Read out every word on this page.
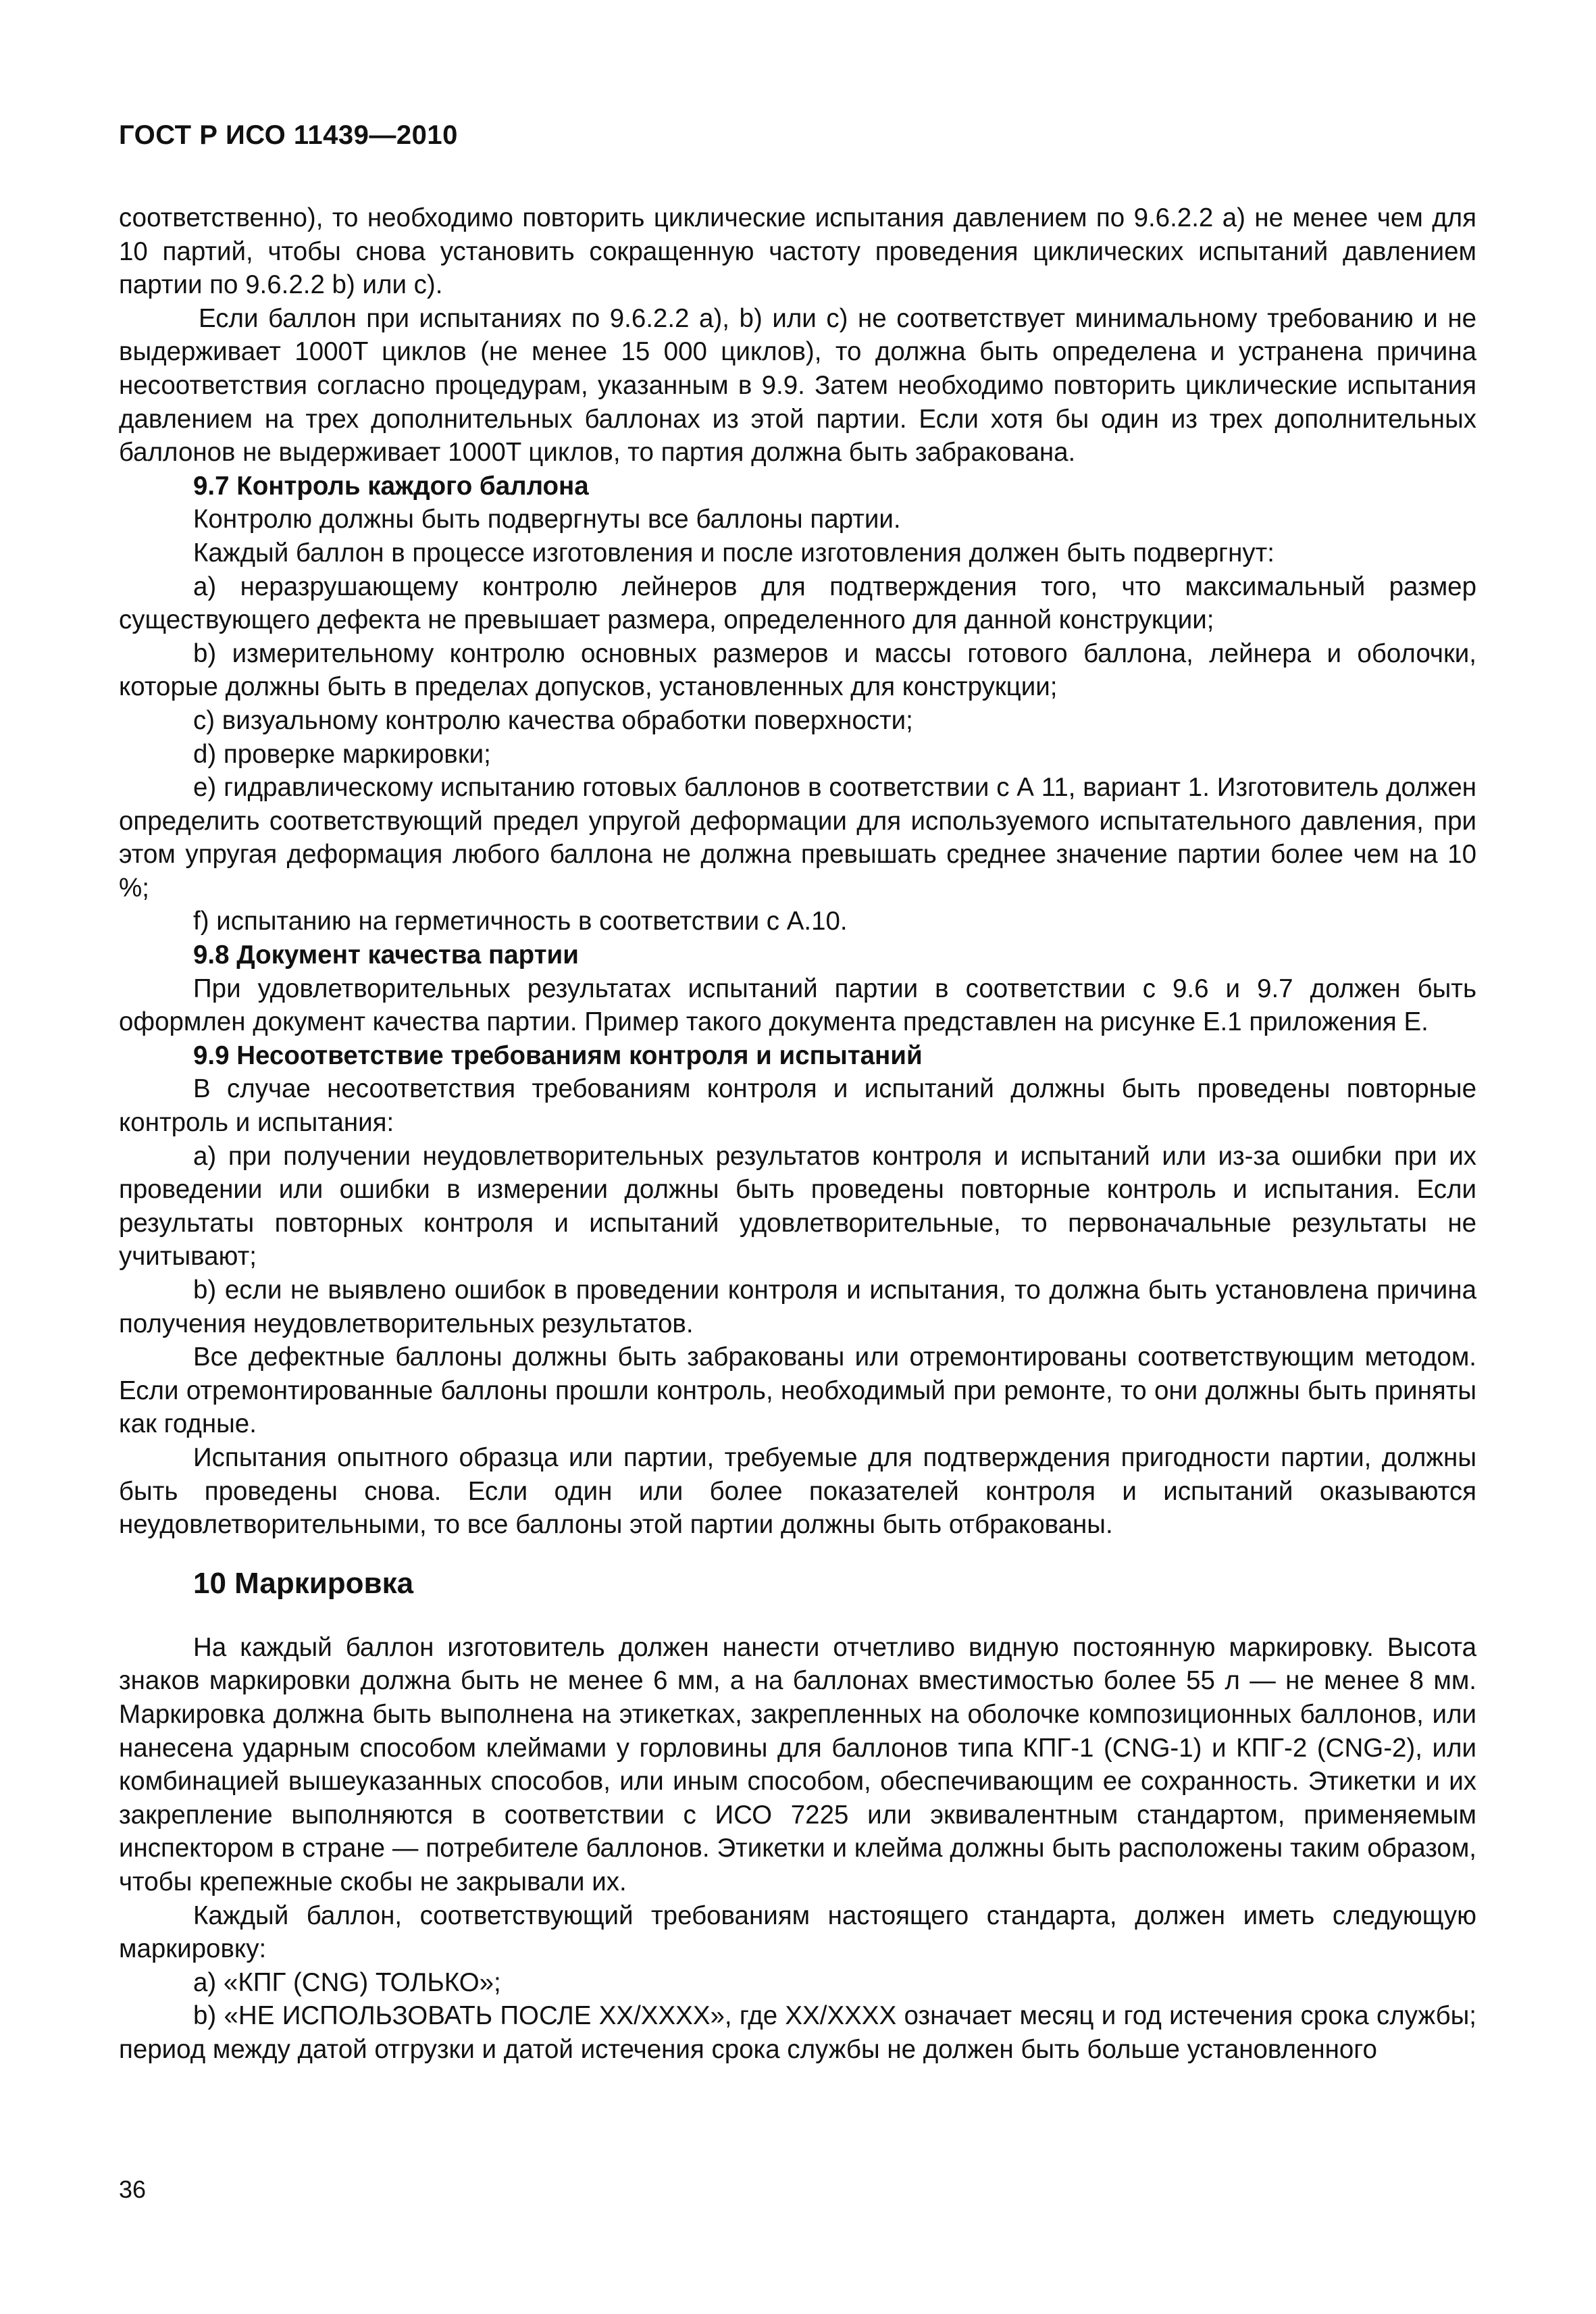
ГОСТ Р ИСО 11439—2010

соответственно), то необходимо повторить циклические испытания давлением по 9.6.2.2 а) не менее чем для 10 партий, чтобы снова установить сокращенную частоту проведения циклических испытаний давлением партии по 9.6.2.2 b) или с).

Если баллон при испытаниях по 9.6.2.2 а), b) или с) не соответствует минимальному требованию и не выдерживает 1000T циклов (не менее 15 000 циклов), то должна быть определена и устранена причина несоответствия согласно процедурам, указанным в 9.9. Затем необходимо повторить циклические испытания давлением на трех дополнительных баллонах из этой партии. Если хотя бы один из трех дополнительных баллонов не выдерживает 1000T циклов, то партия должна быть забракована.

9.7 Контроль каждого баллона

Контролю должны быть подвергнуты все баллоны партии.

Каждый баллон в процессе изготовления и после изготовления должен быть подвергнут:

а) неразрушающему контролю лейнеров для подтверждения того, что максимальный размер существующего дефекта не превышает размера, определенного для данной конструкции;

b) измерительному контролю основных размеров и массы готового баллона, лейнера и оболочки, которые должны быть в пределах допусков, установленных для конструкции;

с) визуальному контролю качества обработки поверхности;

d) проверке маркировки;

е) гидравлическому испытанию готовых баллонов в соответствии с А 11, вариант 1. Изготовитель должен определить соответствующий предел упругой деформации для используемого испытательного давления, при этом упругая деформация любого баллона не должна превышать среднее значение партии более чем на 10 %;

f) испытанию на герметичность в соответствии с А.10.

9.8 Документ качества партии

При удовлетворительных результатах испытаний партии в соответствии с 9.6 и 9.7 должен быть оформлен документ качества партии. Пример такого документа представлен на рисунке Е.1 приложения Е.

9.9 Несоответствие требованиям контроля и испытаний

В случае несоответствия требованиям контроля и испытаний должны быть проведены повторные контроль и испытания:

а) при получении неудовлетворительных результатов контроля и испытаний или из-за ошибки при их проведении или ошибки в измерении должны быть проведены повторные контроль и испытания. Если результаты повторных контроля и испытаний удовлетворительные, то первоначальные результаты не учитывают;

b) если не выявлено ошибок в проведении контроля и испытания, то должна быть установлена причина получения неудовлетворительных результатов.

Все дефектные баллоны должны быть забракованы или отремонтированы соответствующим методом. Если отремонтированные баллоны прошли контроль, необходимый при ремонте, то они должны быть приняты как годные.

Испытания опытного образца или партии, требуемые для подтверждения пригодности партии, должны быть проведены снова. Если один или более показателей контроля и испытаний оказываются неудовлетворительными, то все баллоны этой партии должны быть отбракованы.

10 Маркировка

На каждый баллон изготовитель должен нанести отчетливо видную постоянную маркировку. Высота знаков маркировки должна быть не менее 6 мм, а на баллонах вместимостью более 55 л — не менее 8 мм. Маркировка должна быть выполнена на этикетках, закрепленных на оболочке композиционных баллонов, или нанесена ударным способом клеймами у горловины для баллонов типа КПГ-1 (CNG-1) и КПГ-2 (CNG-2), или комбинацией вышеуказанных способов, или иным способом, обеспечивающим ее сохранность. Этикетки и их закрепление выполняются в соответствии с ИСО 7225 или эквивалентным стандартом, применяемым инспектором в стране — потребителе баллонов. Этикетки и клейма должны быть расположены таким образом, чтобы крепежные скобы не закрывали их.

Каждый баллон, соответствующий требованиям настоящего стандарта, должен иметь следующую маркировку:

а) «КПГ (CNG) ТОЛЬКО»;

b) «НЕ ИСПОЛЬЗОВАТЬ ПОСЛЕ XX/XXXX», где XX/XXXX означает месяц и год истечения срока службы; период между датой отгрузки и датой истечения срока службы не должен быть больше установленного

36
